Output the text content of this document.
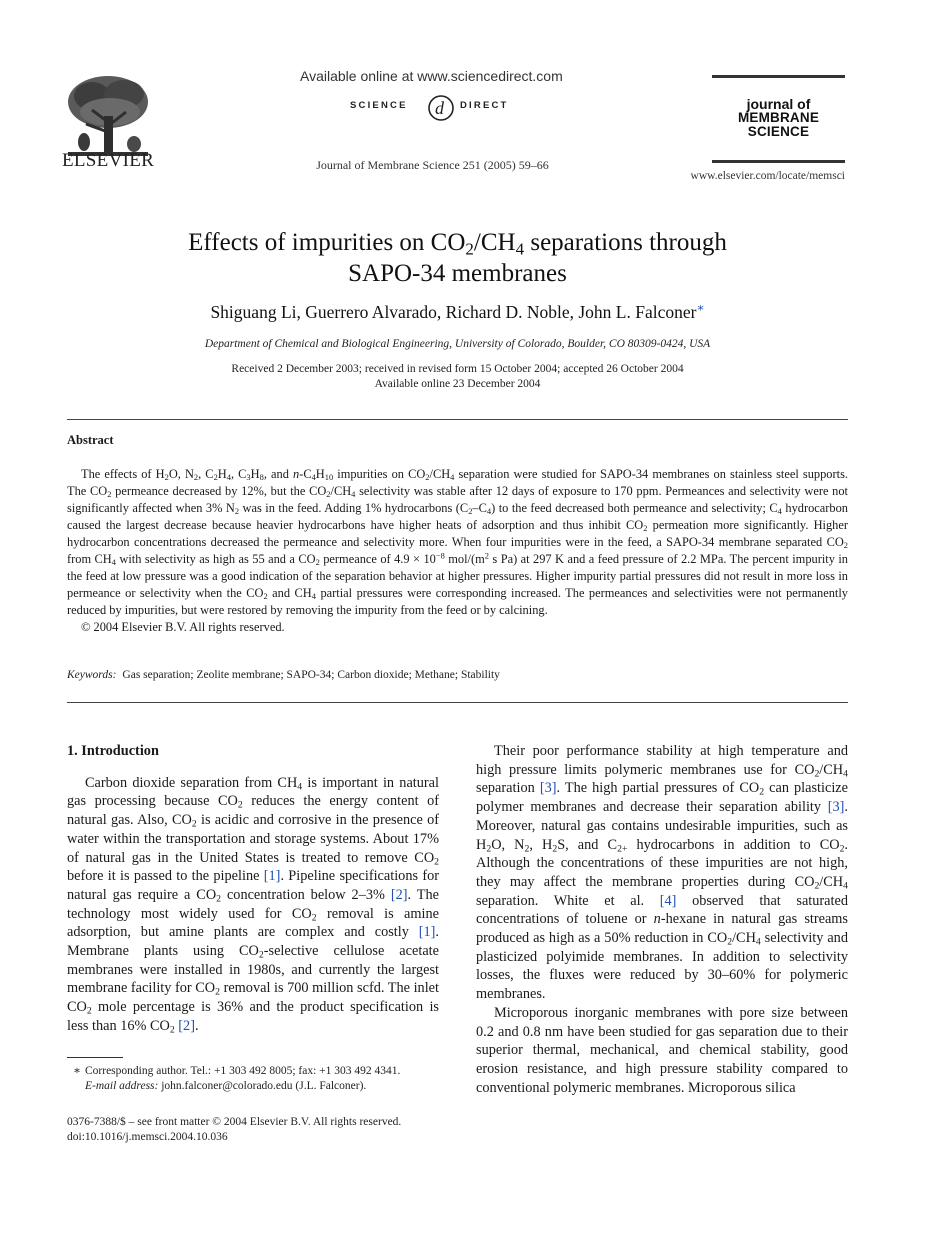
ELSEVIER
Available online at www.sciencedirect.com
SCIENCE d DIRECT
Journal of Membrane Science 251 (2005) 59–66
journal of
MEMBRANE
SCIENCE
www.elsevier.com/locate/memsci
Effects of impurities on $CO_2/CH_4$ separations through
SAPO-34 membranes
Shiguang Li, Guerrero Alvarado, Richard D. Noble, John L. Falconer∗
Department of Chemical and Biological Engineering, University of Colorado, Boulder, CO 80309-0424, USA
Received 2 December 2003; received in revised form 15 October 2004; accepted 26 October 2004
Available online 23 December 2004
Abstract

The effects of $H_2O$, $N_2$, $C_2H_4$, $C_3H_8$, and $n-C_4H_{10}$ impurities on $CO_2/CH_4$ separation were studied for SAPO-34 membranes on stainless steel supports. The $CO_2$ permeance decreased by 12%, but the $CO_2/CH_4$ selectivity was stable after 12 days of exposure to 170 ppm. Permeances and selectivity were not significantly affected when 3% $N_2$ was in the feed. Adding 1% hydrocarbons $(C_2-C_4)$ to the feed decreased both permeance and selectivity; $C_4$ hydrocarbon caused the largest decrease because heavier hydrocarbons have higher heats of adsorption and thus inhibit $CO_2$ permeation more significantly. Higher hydrocarbon concentrations decreased the permeance and selectivity more. When four impurities were in the feed, a SAPO-34 membrane separated $CO_2$ from $CH_4$ with selectivity as high as 55 and a $CO_2$ permeance of $4.9 \times 10^{-8}$ mol/($m^2$ s Pa) at 297 K and a feed pressure of 2.2 MPa. The percent impurity in the feed at low pressure was a good indication of the separation behavior at higher pressures. Higher impurity partial pressures did not result in more loss in permeance or selectivity when the $CO_2$ and $CH_4$ partial pressures were corresponding increased. The permeances and selectivities were not permanently reduced by impurities, but were restored by removing the impurity from the feed or by calcining.

© 2004 Elsevier B.V. All rights reserved.

Keywords: Gas separation; Zeolite membrane; SAPO-34; Carbon dioxide; Methane; Stability
1. Introduction

Carbon dioxide separation from $CH_4$ is important in natural gas processing because $CO_2$ reduces the energy content of natural gas. Also, $CO_2$ is acidic and corrosive in the presence of water within the transportation and storage systems. About 17% of natural gas in the United States is treated to remove $CO_2$ before it is passed to the pipeline [1]. Pipeline specifications for natural gas require a $CO_2$ concentration below 2–3% [2]. The technology most widely used for $CO_2$ removal is amine adsorption, but amine plants are complex and costly [1]. Membrane plants using $CO_2$-selective cellulose acetate membranes were installed in 1980s, and currently the largest membrane facility for $CO_2$ removal is 700 million scfd. The inlet $CO_2$ mole percentage is 36% and the product specification is less than 16% $CO_2$ [2].

∗ Corresponding author. Tel.: +1 303 492 8005; fax: +1 303 492 4341.
E-mail address: john.falconer@colorado.edu (J.L. Falconer).
0376-7388/$ – see front matter © 2004 Elsevier B.V. All rights reserved.
doi:10.1016/j.memsci.2004.10.036

Their poor performance stability at high temperature and high pressure limits polymeric membranes use for $CO_2/CH_4$ separation [3]. The high partial pressures of $CO_2$ can plasticize polymer membranes and decrease their separation ability [3]. Moreover, natural gas contains undesirable impurities, such as $H_2O$, $N_2$, $H_2S$, and $C_{2+}$ hydrocarbons in addition to $CO_2$. Although the concentrations of these impurities are not high, they may affect the membrane properties during $CO_2/CH_4$ separation. White et al. [4] observed that saturated concentrations of toluene or n-hexane in natural gas streams produced as high as a 50% reduction in $CO_2/CH_4$ selectivity and plasticized polyimide membranes. In addition to selectivity losses, the fluxes were reduced by 30–60% for polymeric membranes.

Microporous inorganic membranes with pore size between 0.2 and 0.8 nm have been studied for gas separation due to their superior thermal, mechanical, and chemical stability, good erosion resistance, and high pressure stability compared to conventional polymeric membranes. Microporous silica
